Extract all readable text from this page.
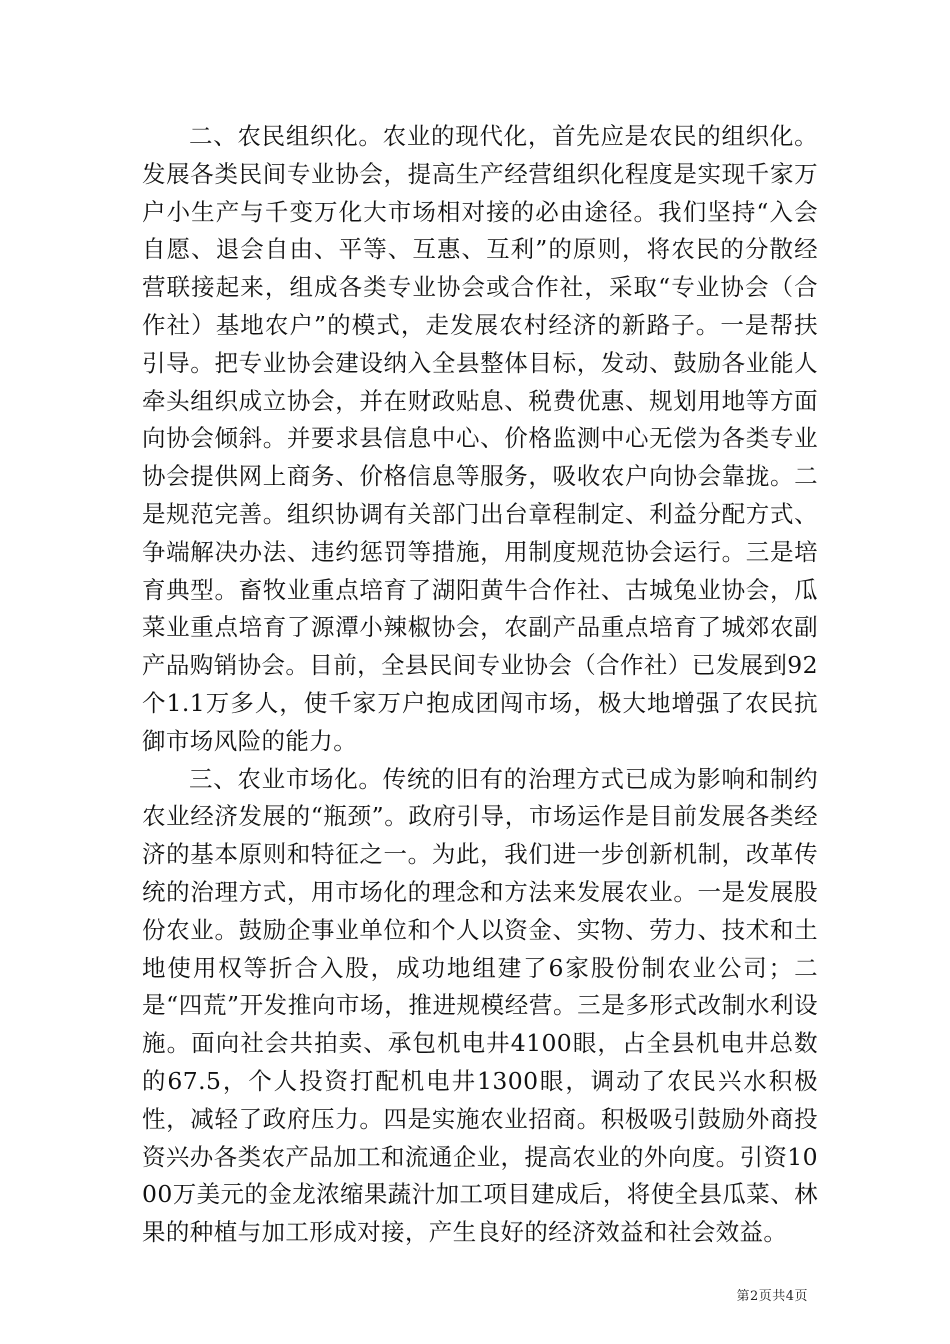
二、农民组织化。农业的现代化，首先应是农民的组织化。发展各类民间专业协会，提高生产经营组织化程度是实现千家万户小生产与千变万化大市场相对接的必由途径。我们坚持“入会自愿、退会自由、平等、互惠、互利”的原则，将农民的分散经营联接起来，组成各类专业协会或合作社，采取“专业协会（合作社）基地农户”的模式，走发展农村经济的新路子。一是帮扶引导。把专业协会建设纳入全县整体目标，发动、鼓励各业能人牵头组织成立协会，并在财政贴息、税费优惠、规划用地等方面向协会倾斜。并要求县信息中心、价格监测中心无偿为各类专业协会提供网上商务、价格信息等服务，吸收农户向协会靠拢。二是规范完善。组织协调有关部门出台章程制定、利益分配方式、争端解决办法、违约惩罚等措施，用制度规范协会运行。三是培育典型。畜牧业重点培育了湖阳黄牛合作社、古城兔业协会，瓜菜业重点培育了源潭小辣椒协会，农副产品重点培育了城郊农副产品购销协会。目前，全县民间专业协会（合作社）已发展到92个1.1万多人，使千家万户抱成团闯市场，极大地增强了农民抗御市场风险的能力。

三、农业市场化。传统的旧有的治理方式已成为影响和制约农业经济发展的“瓶颈”。政府引导，市场运作是目前发展各类经济的基本原则和特征之一。为此，我们进一步创新机制，改革传统的治理方式，用市场化的理念和方法来发展农业。一是发展股份农业。鼓励企事业单位和个人以资金、实物、劳力、技术和土地使用权等折合入股，成功地组建了6家股份制农业公司；二是“四荒”开发推向市场，推进规模经营。三是多形式改制水利设施。面向社会共拍卖、承包机电井4100眼，占全县机电井总数的67.5，个人投资打配机电井1300眼，调动了农民兴水积极性，减轻了政府压力。四是实施农业招商。积极吸引鼓励外商投资兴办各类农产品加工和流通企业，提高农业的外向度。引资1000万美元的金龙浓缩果蔬汁加工项目建成后，将使全县瓜菜、林果的种植与加工形成对接，产生良好的经济效益和社会效益。

第2页共4页
